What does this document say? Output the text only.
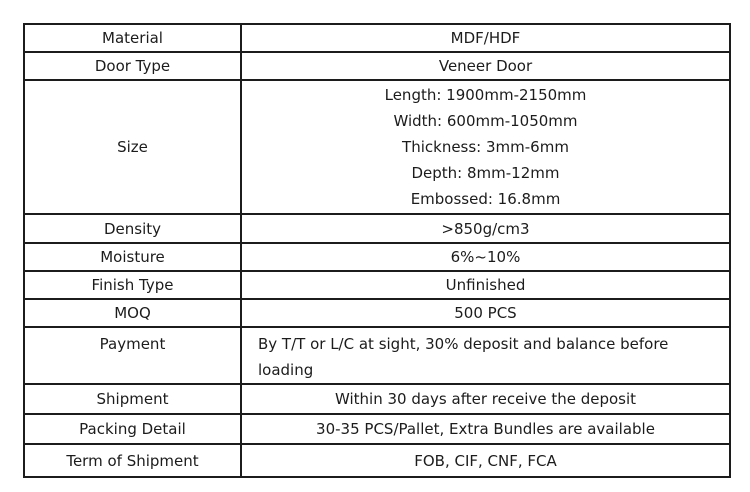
Material	MDF/HDF
Door Type	Veneer Door
Size	Length: 1900mm-2150mm
Width: 600mm-1050mm
Thickness: 3mm-6mm
Depth: 8mm-12mm
Embossed: 16.8mm

Density	>850g/cm3
Moisture	6%~10%
Finish Type	Unfinished
MOQ	500 PCS
Payment	By T/T or L/C at sight, 30% deposit and balance before loading
Shipment	Within 30 days after receive the deposit
Packing Detail	30-35 PCS/Pallet, Extra Bundles are available
Term of Shipment	FOB, CIF, CNF, FCA
